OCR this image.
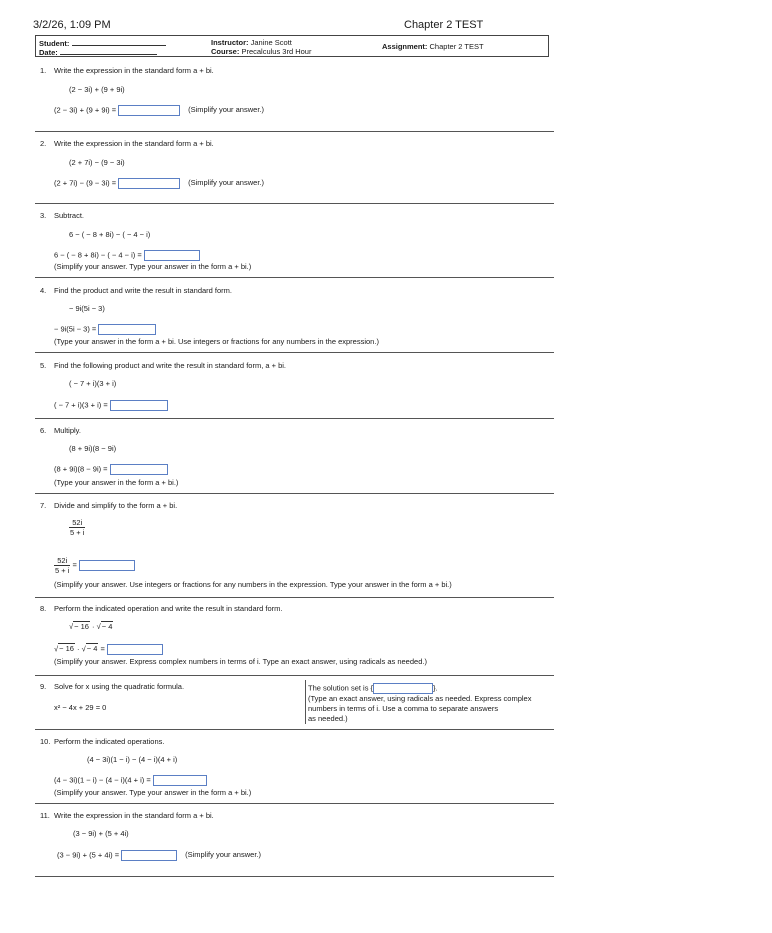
3/2/26, 1:09 PM	Chapter 2 TEST
Student:
Date:
Instructor: Janine Scott
Course: Precalculus 3rd Hour
Assignment: Chapter 2 TEST
1. Write the expression in the standard form a + bi.
(2 − 3i) + (9 + 9i)
(2 − 3i) + (9 + 9i) =	(Simplify your answer.)
2. Write the expression in the standard form a + bi.
(2 + 7i) − (9 − 3i)
(2 + 7i) − (9 − 3i) =	(Simplify your answer.)
3. Subtract.
6 − ( − 8 + 8i) − ( − 4 − i)
6 − ( − 8 + 8i) − ( − 4 − i) =
(Simplify your answer. Type your answer in the form a + bi.)
4. Find the product and write the result in standard form.
− 9i(5i − 3)
− 9i(5i − 3) =
(Type your answer in the form a + bi. Use integers or fractions for any numbers in the expression.)
5. Find the following product and write the result in standard form, a + bi.
( − 7 + i)(3 + i)
( − 7 + i)(3 + i) =
6. Multiply.
(8 + 9i)(8 − 9i)
(8 + 9i)(8 − 9i) =
(Type your answer in the form a + bi.)
7. Divide and simplify to the form a + bi.
$\frac{52i}{5 + i}$
$\frac{52i}{5 + i}$ =
(Simplify your answer. Use integers or fractions for any numbers in the expression. Type your answer in the form a + bi.)
8. Perform the indicated operation and write the result in standard form.
√− 16 · √− 4
√− 16 · √− 4 =
(Simplify your answer. Express complex numbers in terms of i. Type an exact answer, using radicals as needed.)
9. Solve for x using the quadratic formula.
x² − 4x + 29 = 0
The solution set is {	}.
(Type an exact answer, using radicals as needed. Express complex
numbers in terms of i. Use a comma to separate answers
as needed.)
10. Perform the indicated operations.
(4 − 3i)(1 − i) − (4 − i)(4 + i)
(4 − 3i)(1 − i) − (4 − i)(4 + i) =
(Simplify your answer. Type your answer in the form a + bi.)
11. Write the expression in the standard form a + bi.
(3 − 9i) + (5 + 4i)
(3 − 9i) + (5 + 4i) =	(Simplify your answer.)
